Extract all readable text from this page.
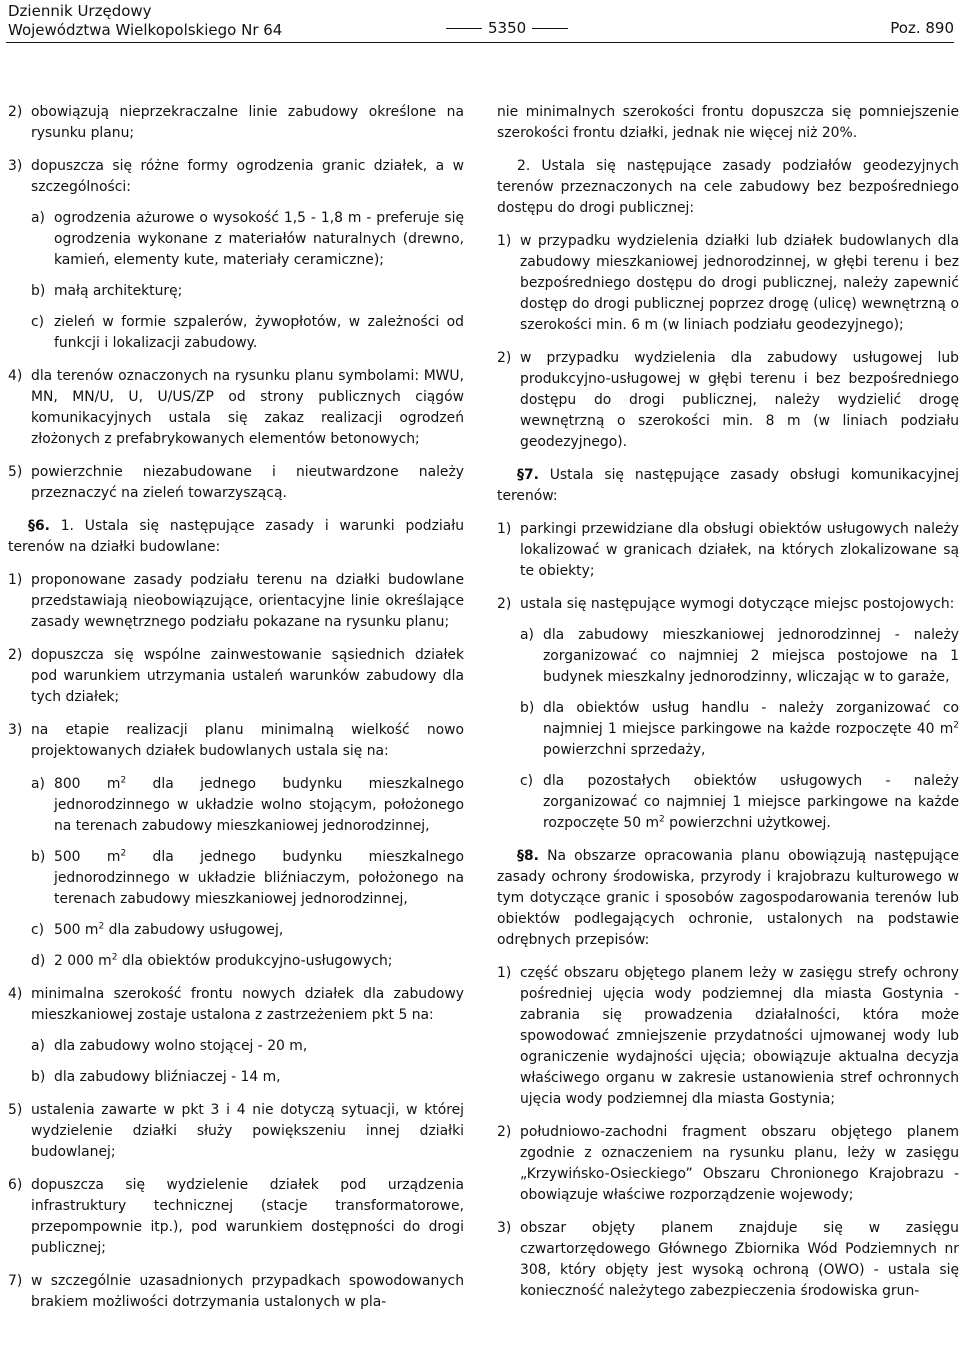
Dziennik Urzędowy
Województwa Wielkopolskiego Nr 64	5350	Poz. 890
2) obowiązują nieprzekraczalne linie zabudowy określone na rysunku planu;
3) dopuszcza się różne formy ogrodzenia granic działek, a w szczególności:
a) ogrodzenia ażurowe o wysokość 1,5 - 1,8 m - preferuje się ogrodzenia wykonane z materiałów naturalnych (drewno, kamień, elementy kute, materiały ceramiczne);
b) małą architekturę;
c) zieleń w formie szpalerów, żywopłotów, w zależności od funkcji i lokalizacji zabudowy.
4) dla terenów oznaczonych na rysunku planu symbolami: MWU, MN, MN/U, U, U/US/ZP od strony publicznych ciągów komunikacyjnych ustala się zakaz realizacji ogrodzeń złożonych z prefabrykowanych elementów betonowych;
5) powierzchnie niezabudowane i nieutwardzone należy przeznaczyć na zieleń towarzyszącą.
§6. 1. Ustala się następujące zasady i warunki podziału terenów na działki budowlane:
1) proponowane zasady podziału terenu na działki budowlane przedstawiają nieobowiązujące, orientacyjne linie określające zasady wewnętrznego podziału pokazane na rysunku planu;
2) dopuszcza się wspólne zainwestowanie sąsiednich działek pod warunkiem utrzymania ustaleń warunków zabudowy dla tych działek;
3) na etapie realizacji planu minimalną wielkość nowo projektowanych działek budowlanych ustala się na:
a) 800 $m^2$ dla jednego budynku mieszkalnego jednorodzinnego w układzie wolno stojącym, położonego na terenach zabudowy mieszkaniowej jednorodzinnej,
b) 500 $m^2$ dla jednego budynku mieszkalnego jednorodzinnego w układzie bliźniaczym, położonego na terenach zabudowy mieszkaniowej jednorodzinnej,
c) 500 $m^2$ dla zabudowy usługowej,
d) 2 000 $m^2$ dla obiektów produkcyjno-usługowych;
4) minimalna szerokość frontu nowych działek dla zabudowy mieszkaniowej zostaje ustalona z zastrzeżeniem pkt 5 na:
a) dla zabudowy wolno stojącej - 20 m,
b) dla zabudowy bliźniaczej - 14 m,
5) ustalenia zawarte w pkt 3 i 4 nie dotyczą sytuacji, w której wydzielenie działki służy powiększeniu innej działki budowlanej;
6) dopuszcza się wydzielenie działek pod urządzenia infrastruktury technicznej (stacje transformatorowe, przepompownie itp.), pod warunkiem dostępności do drogi publicznej;
7) w szczególnie uzasadnionych przypadkach spowodowanych brakiem możliwości dotrzymania ustalonych w pla-
nie minimalnych szerokości frontu dopuszcza się pomniejszenie szerokości frontu działki, jednak nie więcej niż 20%.
2. Ustala się następujące zasady podziałów geodezyjnych terenów przeznaczonych na cele zabudowy bez bezpośredniego dostępu do drogi publicznej:
1) w przypadku wydzielenia działki lub działek budowlanych dla zabudowy mieszkaniowej jednorodzinnej, w głębi terenu i bez bezpośredniego dostępu do drogi publicznej, należy zapewnić dostęp do drogi publicznej poprzez drogę (ulicę) wewnętrzną o szerokości min. 6 m (w liniach podziału geodezyjnego);
2) w przypadku wydzielenia dla zabudowy usługowej lub produkcyjno-usługowej w głębi terenu i bez bezpośredniego dostępu do drogi publicznej, należy wydzielić drogę wewnętrzną o szerokości min. 8 m (w liniach podziału geodezyjnego).
§7. Ustala się następujące zasady obsługi komunikacyjnej terenów:
1) parkingi przewidziane dla obsługi obiektów usługowych należy lokalizować w granicach działek, na których zlokalizowane są te obiekty;
2) ustala się następujące wymogi dotyczące miejsc postojowych:
a) dla zabudowy mieszkaniowej jednorodzinnej - należy zorganizować co najmniej 2 miejsca postojowe na 1 budynek mieszkalny jednorodzinny, wliczając w to garaże,
b) dla obiektów usług handlu - należy zorganizować co najmniej 1 miejsce parkingowe na każde rozpoczęte 40 $m^2$ powierzchni sprzedaży,
c) dla pozostałych obiektów usługowych - należy zorganizować co najmniej 1 miejsce parkingowe na każde rozpoczęte 50 $m^2$ powierzchni użytkowej.
§8. Na obszarze opracowania planu obowiązują następujące zasady ochrony środowiska, przyrody i krajobrazu kulturowego w tym dotyczące granic i sposobów zagospodarowania terenów lub obiektów podlegających ochronie, ustalonych na podstawie odrębnych przepisów:
1) część obszaru objętego planem leży w zasięgu strefy ochrony pośredniej ujęcia wody podziemnej dla miasta Gostynia - zabrania się prowadzenia działalności, która może spowodować zmniejszenie przydatności ujmowanej wody lub ograniczenie wydajności ujęcia; obowiązuje aktualna decyzja właściwego organu w zakresie ustanowienia stref ochronnych ujęcia wody podziemnej dla miasta Gostynia;
2) południowo-zachodni fragment obszaru objętego planem zgodnie z oznaczeniem na rysunku planu, leży w zasięgu „Krzywińsko-Osieckiego” Obszaru Chronionego Krajobrazu - obowiązuje właściwe rozporządzenie wojewody;
3) obszar objęty planem znajduje się w zasięgu czwartorzędowego Głównego Zbiornika Wód Podziemnych nr 308, który objęty jest wysoką ochroną (OWO) - ustala się konieczność należytego zabezpieczenia środowiska grun-
